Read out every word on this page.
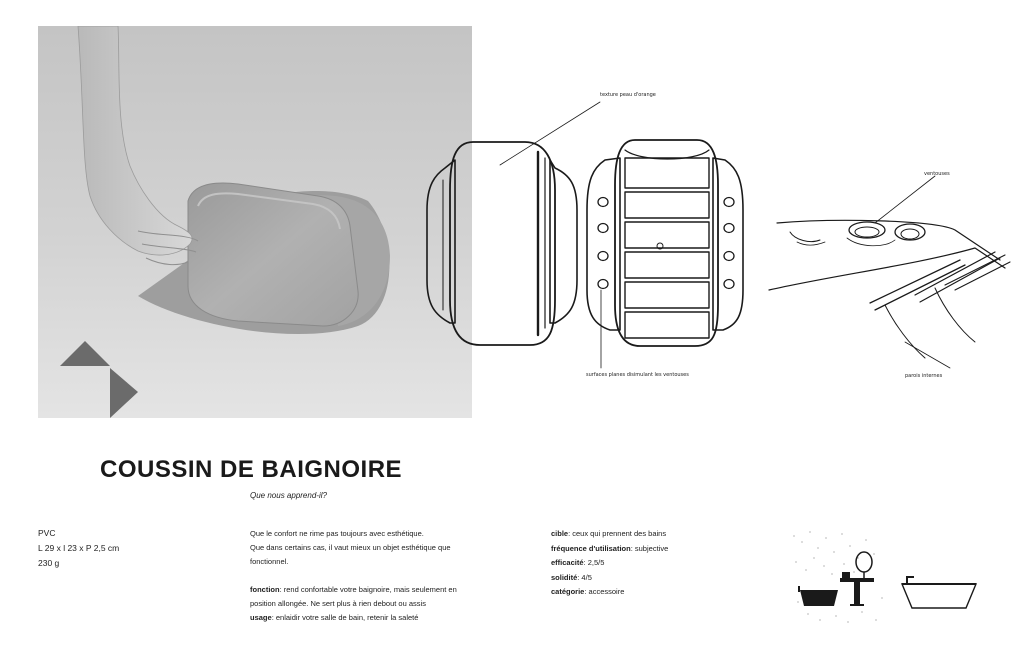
texture peau d'orange
surfaces planes disimulant les ventouses
ventouses
parois internes
COUSSIN DE BAIGNOIRE
Que nous apprend-il?
PVC
L 29 x l 23 x P 2,5 cm
230 g

Que le confort ne rime pas toujours avec esthétique.

Que dans certains cas, il vaut mieux un objet esthétique que

fonctionnel.

fonction: rend confortable votre baignoire, mais seulement en

position allongée. Ne sert plus à rien debout ou assis

usage: enlaidir votre salle de bain, retenir la saleté

cible: ceux qui prennent des bains

fréquence d'utilisation: subjective

efficacité: 2,5/5

solidité: 4/5

catégorie: accessoire
